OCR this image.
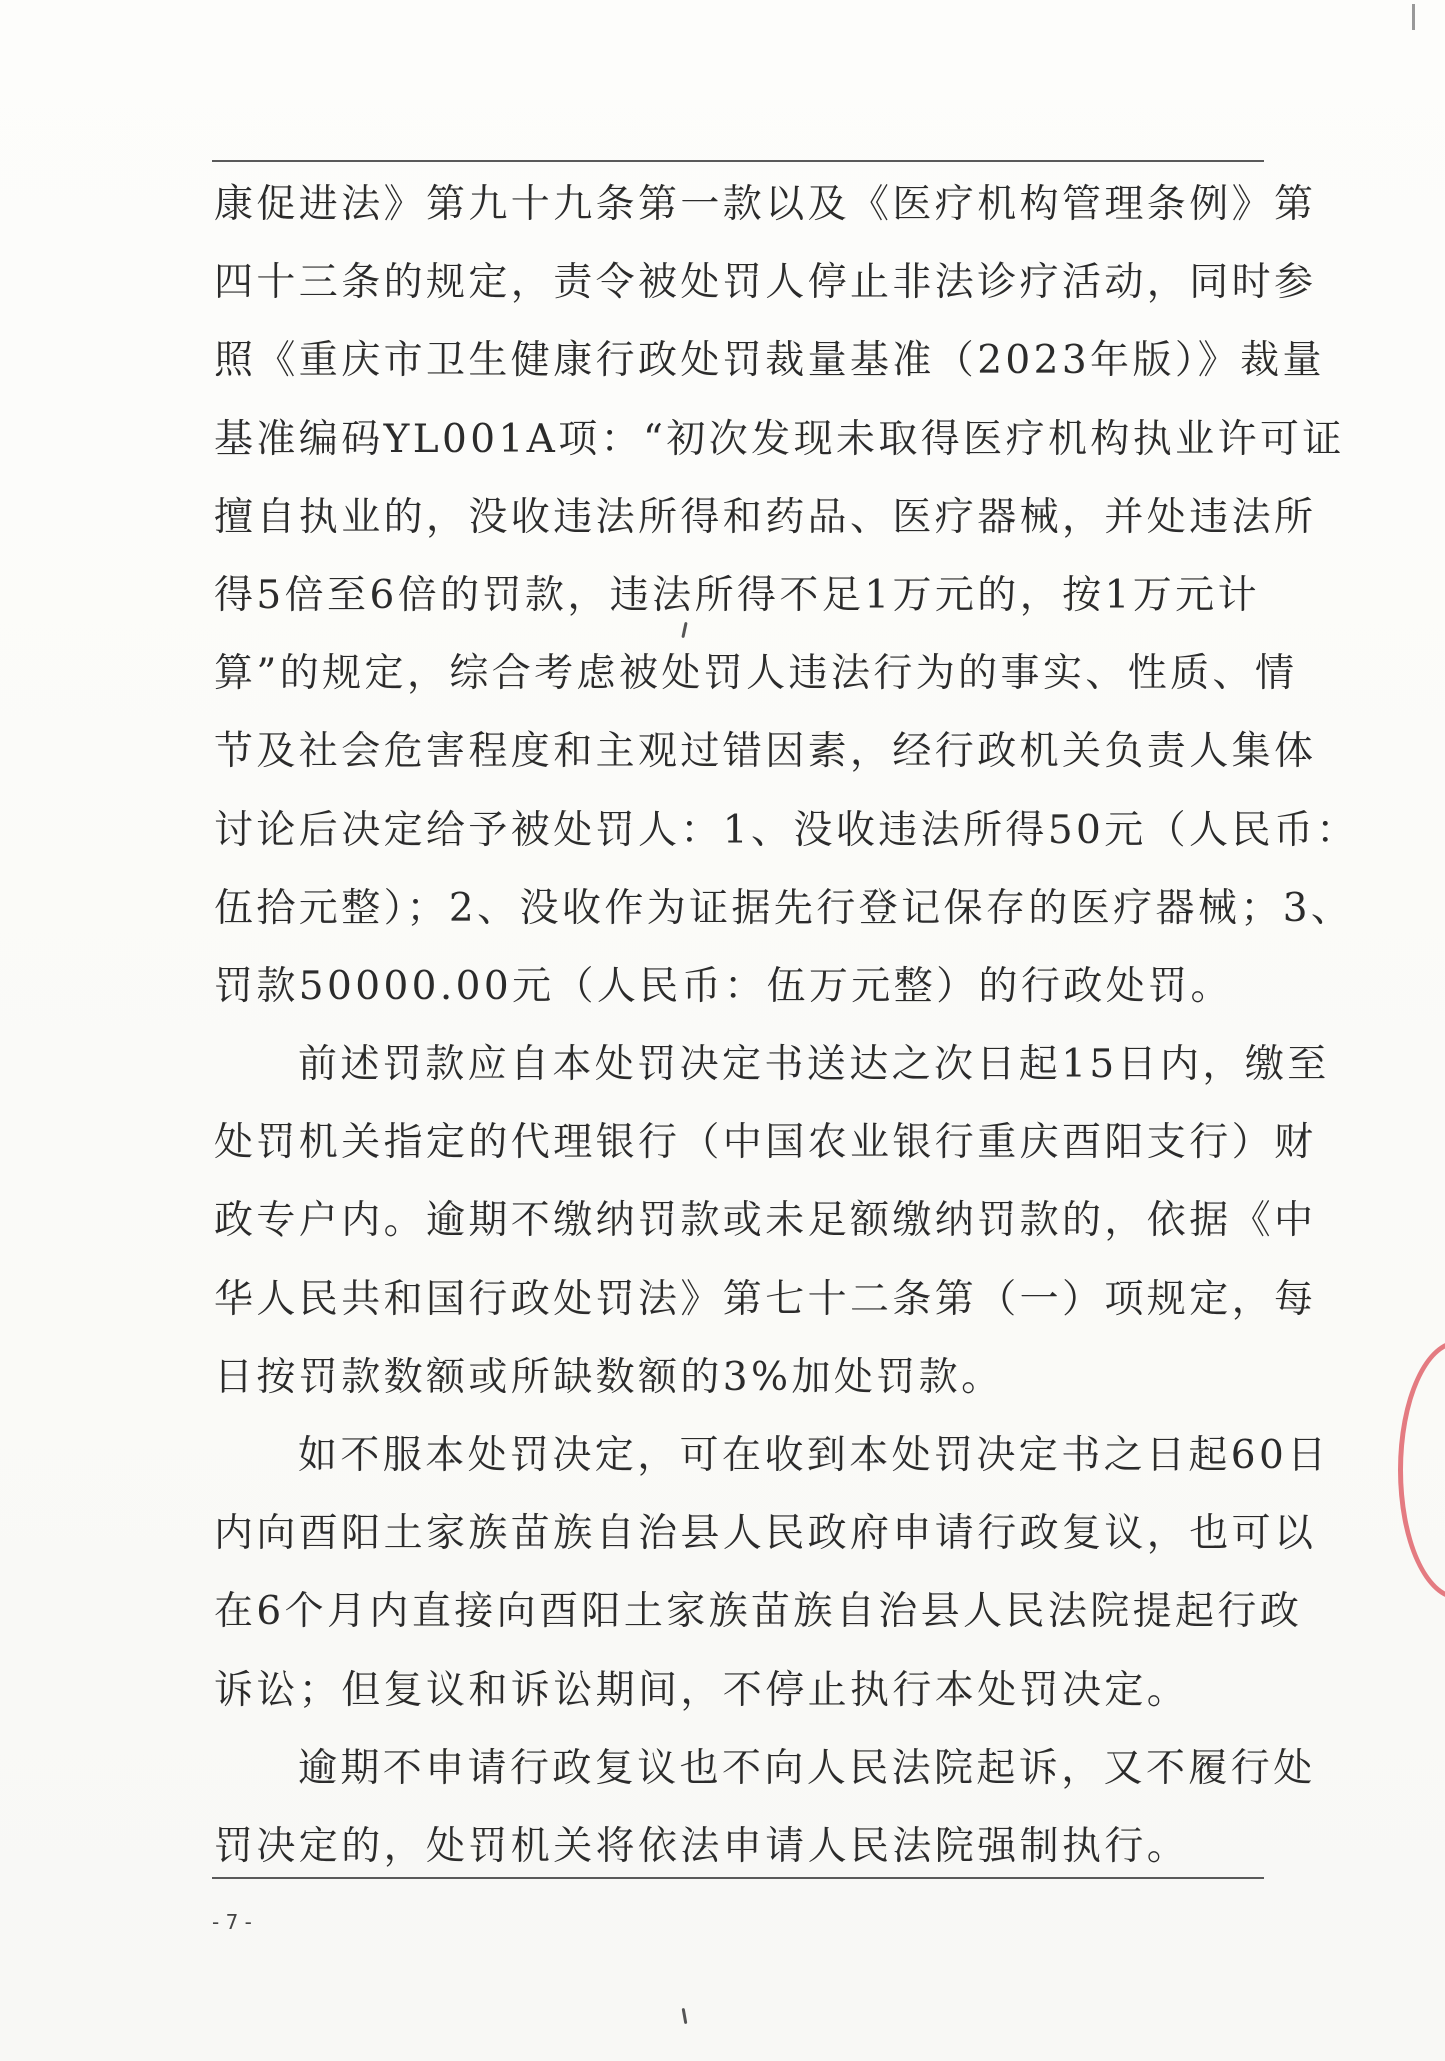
康促进法》第九十九条第一款以及《医疗机构管理条例》第
四十三条的规定，责令被处罚人停止非法诊疗活动，同时参
照《重庆市卫生健康行政处罚裁量基准（2023年版）》裁量
基准编码YL001A项：“初次发现未取得医疗机构执业许可证
擅自执业的，没收违法所得和药品、医疗器械，并处违法所
得5倍至6倍的罚款，违法所得不足1万元的，按1万元计
算”的规定，综合考虑被处罚人违法行为的事实、性质、情
节及社会危害程度和主观过错因素，经行政机关负责人集体
讨论后决定给予被处罚人：1、没收违法所得50元（人民币：
伍拾元整）；2、没收作为证据先行登记保存的医疗器械；3、
罚款50000.00元（人民币：伍万元整）的行政处罚。
前述罚款应自本处罚决定书送达之次日起15日内，缴至
处罚机关指定的代理银行（中国农业银行重庆酉阳支行）财
政专户内。逾期不缴纳罚款或未足额缴纳罚款的，依据《中
华人民共和国行政处罚法》第七十二条第（一）项规定，每
日按罚款数额或所缺数额的3%加处罚款。
如不服本处罚决定，可在收到本处罚决定书之日起60日
内向酉阳土家族苗族自治县人民政府申请行政复议，也可以
在6个月内直接向酉阳土家族苗族自治县人民法院提起行政
诉讼；但复议和诉讼期间，不停止执行本处罚决定。
逾期不申请行政复议也不向人民法院起诉，又不履行处
罚决定的，处罚机关将依法申请人民法院强制执行。
- 7 -
